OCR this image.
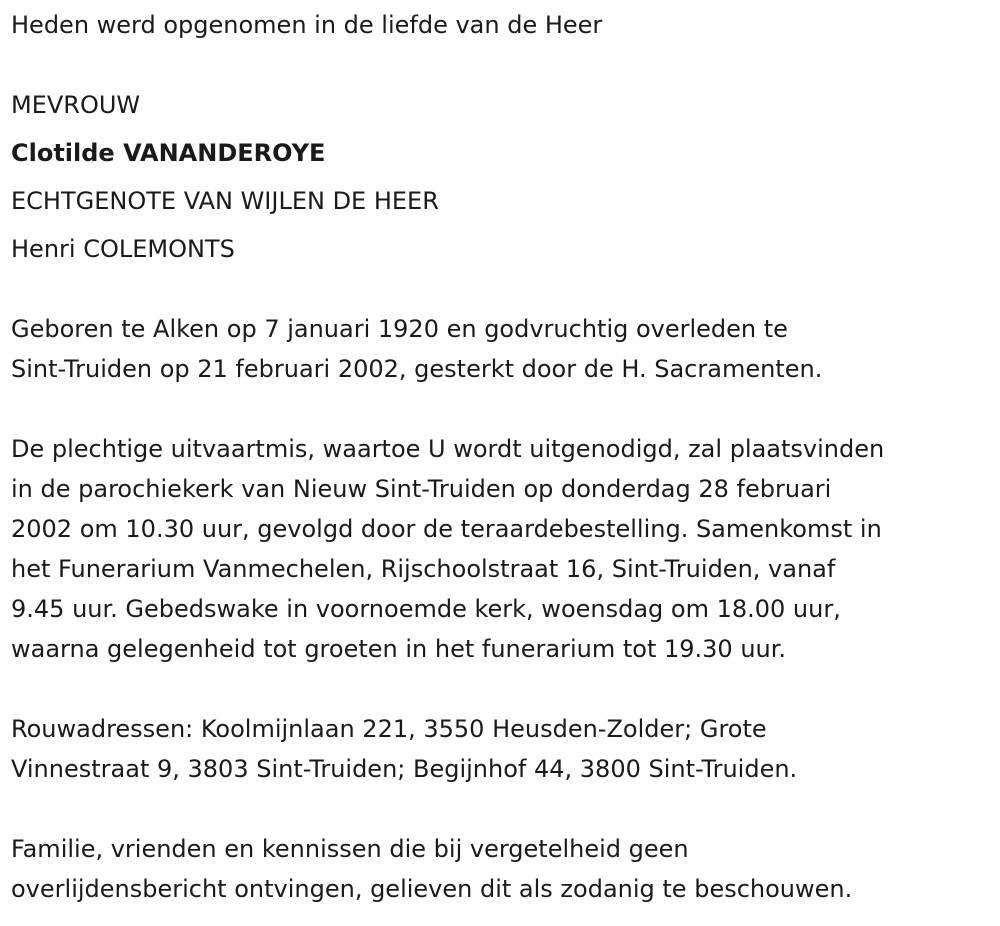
Heden werd opgenomen in de liefde van de Heer
MEVROUW
Clotilde VANANDEROYE
ECHTGENOTE VAN WIJLEN DE HEER
Henri COLEMONTS
Geboren te Alken op 7 januari 1920 en godvruchtig overleden te
Sint-Truiden op 21 februari 2002, gesterkt door de H. Sacramenten.
De plechtige uitvaartmis, waartoe U wordt uitgenodigd, zal plaatsvinden
in de parochiekerk van Nieuw Sint-Truiden op donderdag 28 februari
2002 om 10.30 uur, gevolgd door de teraardebestelling. Samenkomst in
het Funerarium Vanmechelen, Rijschoolstraat 16, Sint-Truiden, vanaf
9.45 uur. Gebedswake in voornoemde kerk, woensdag om 18.00 uur,
waarna gelegenheid tot groeten in het funerarium tot 19.30 uur.
Rouwadressen: Koolmijnlaan 221, 3550 Heusden-Zolder; Grote
Vinnestraat 9, 3803 Sint-Truiden; Begijnhof 44, 3800 Sint-Truiden.
Familie, vrienden en kennissen die bij vergetelheid geen
overlijdensbericht ontvingen, gelieven dit als zodanig te beschouwen.
